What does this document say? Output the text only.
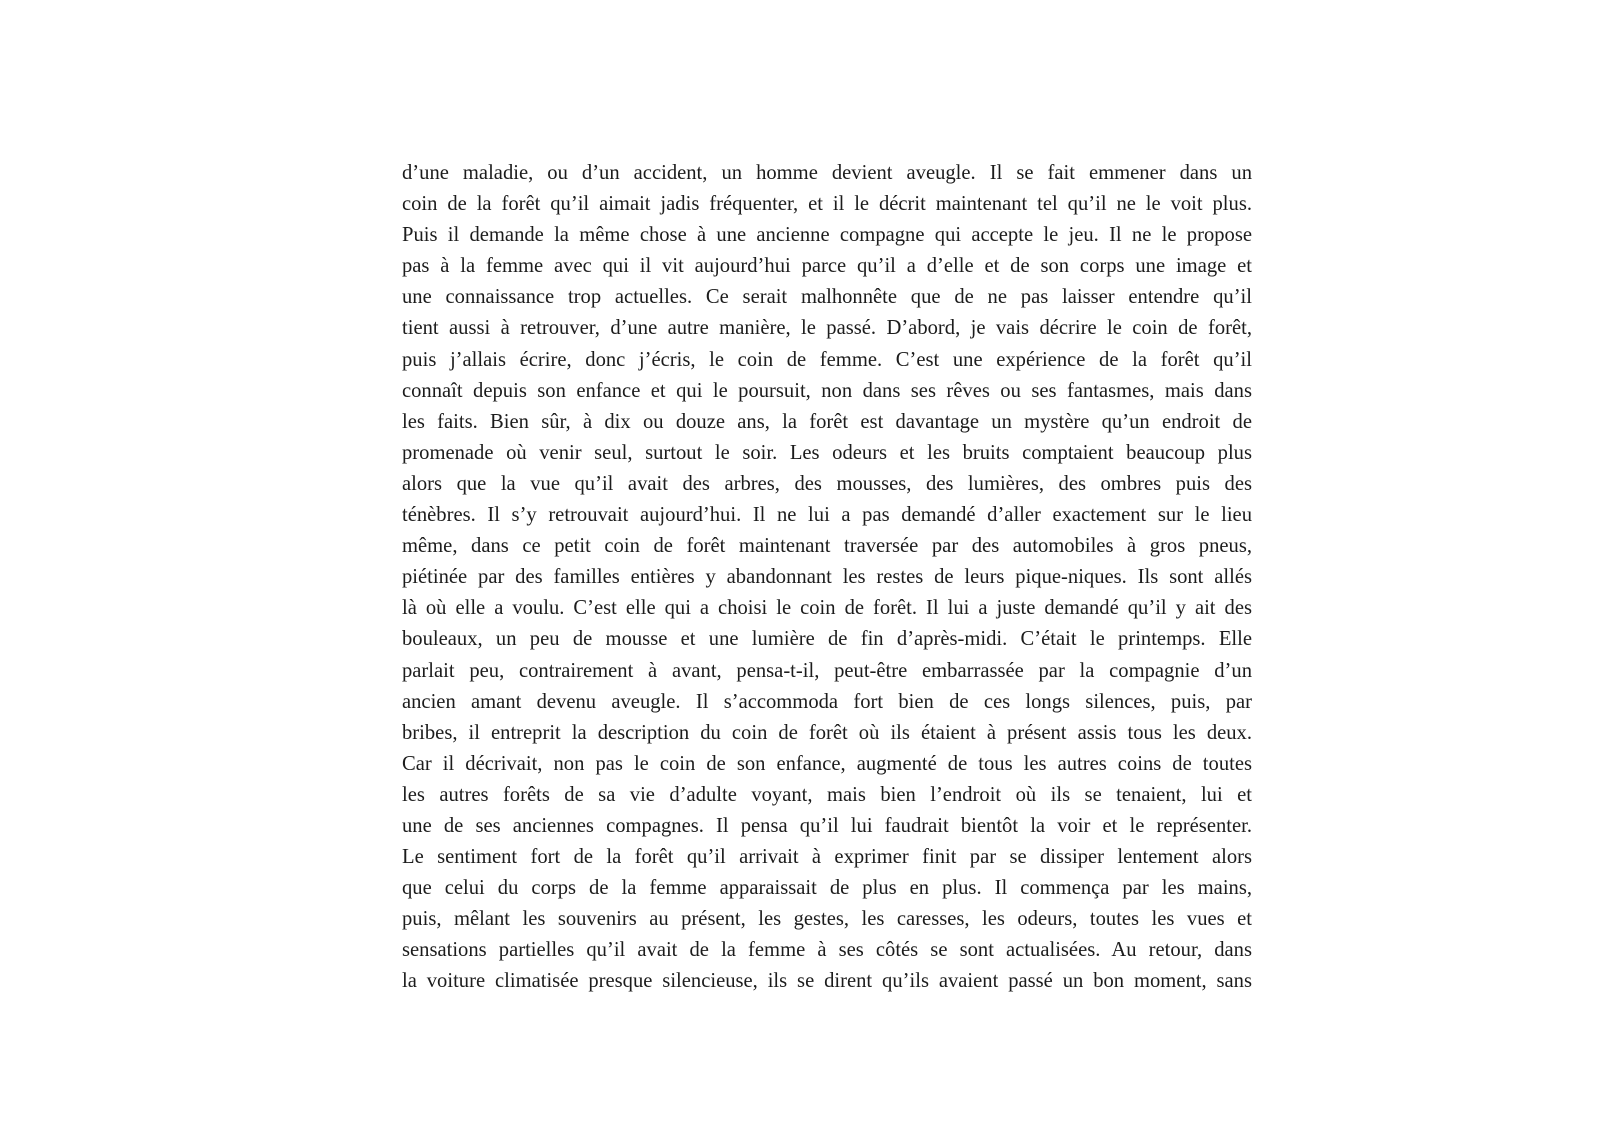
d’une maladie, ou d’un accident, un homme devient aveugle. Il se fait emmener dans un
coin de la forêt qu’il aimait jadis fréquenter, et il le décrit maintenant tel qu’il ne le voit plus.
Puis il demande la même chose à une ancienne compagne qui accepte le jeu. Il ne le propose
pas à la femme avec qui il vit aujourd’hui parce qu’il a d’elle et de son corps une image et
une connaissance trop actuelles. Ce serait malhonnête que de ne pas laisser entendre qu’il
tient aussi à retrouver, d’une autre manière, le passé. D’abord, je vais décrire le coin de forêt,
puis j’allais écrire, donc j’écris, le coin de femme. C’est une expérience de la forêt qu’il
connaît depuis son enfance et qui le poursuit, non dans ses rêves ou ses fantasmes, mais dans
les faits. Bien sûr, à dix ou douze ans, la forêt est davantage un mystère qu’un endroit de
promenade où venir seul, surtout le soir. Les odeurs et les bruits comptaient beaucoup plus
alors que la vue qu’il avait des arbres, des mousses, des lumières, des ombres puis des
ténèbres. Il s’y retrouvait aujourd’hui. Il ne lui a pas demandé d’aller exactement sur le lieu
même, dans ce petit coin de forêt maintenant traversée par des automobiles à gros pneus,
piétinée par des familles entières y abandonnant les restes de leurs pique-niques. Ils sont allés
là où elle a voulu. C’est elle qui a choisi le coin de forêt. Il lui a juste demandé qu’il y ait des
bouleaux, un peu de mousse et une lumière de fin d’après-midi. C’était le printemps. Elle
parlait peu, contrairement à avant, pensa-t-il, peut-être embarrassée par la compagnie d’un
ancien amant devenu aveugle. Il s’accommoda fort bien de ces longs silences, puis, par
bribes, il entreprit la description du coin de forêt où ils étaient à présent assis tous les deux.
Car il décrivait, non pas le coin de son enfance, augmenté de tous les autres coins de toutes
les autres forêts de sa vie d’adulte voyant, mais bien l’endroit où ils se tenaient, lui et
une de ses anciennes compagnes. Il pensa qu’il lui faudrait bientôt la voir et le représenter.
Le sentiment fort de la forêt qu’il arrivait à exprimer finit par se dissiper lentement alors
que celui du corps de la femme apparaissait de plus en plus. Il commença par les mains,
puis, mêlant les souvenirs au présent, les gestes, les caresses, les odeurs, toutes les vues et
sensations partielles qu’il avait de la femme à ses côtés se sont actualisées. Au retour, dans
la voiture climatisée presque silencieuse, ils se dirent qu’ils avaient passé un bon moment, sans
